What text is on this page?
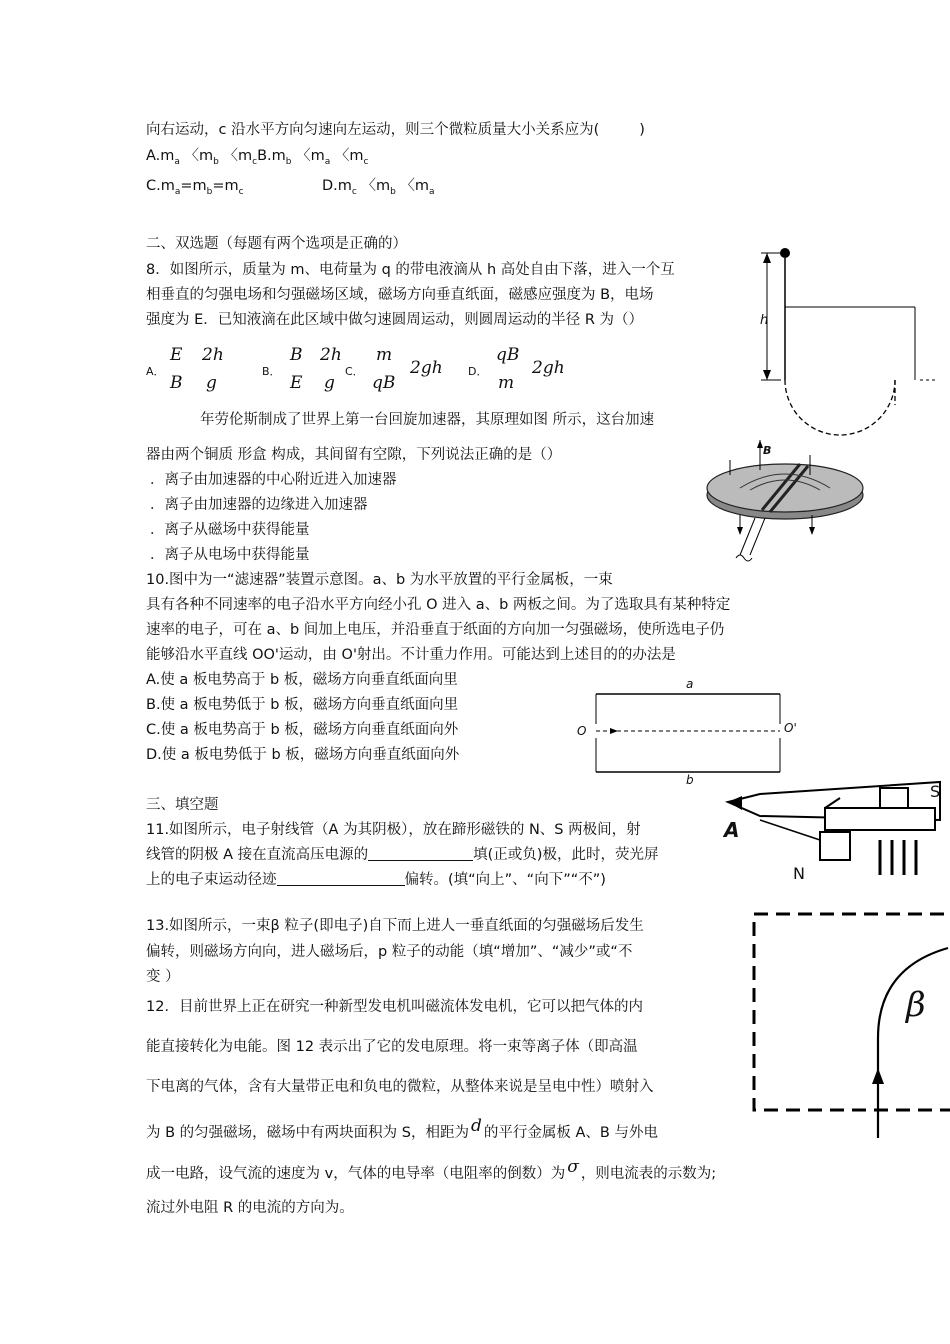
向右运动，c 沿水平方向匀速向左运动，则三个微粒质量大小关系应为(	)
$A.m_a$ 〈$m_b$ 〈$m_cB.m_b$ 〈$m_a$ 〈$m_c$
$C.m_a=m_b=m_c$	$D.m_c$ 〈$m_b$ 〈$m_a$
二、双选题（每题有两个选项是正确的）
8．如图所示，质量为 m、电荷量为 q 的带电液滴从 h 高处自由下落，进入一个互
相垂直的匀强电场和匀强磁场区域，磁场方向垂直纸面，磁感应强度为 B，电场
强度为 E．已知液滴在此区域中做匀速圆周运动，则圆周运动的半径 R 为（）
A．
E
B
2h
g
B．
B
E
2h
g
C．
m
qB
2gh D．
qB
m
2gh
h
年劳伦斯制成了世界上第一台回旋加速器，其原理如图 所示，这台加速
器由两个铜质 形盒 构成，其间留有空隙，下列说法正确的是（）
．离子由加速器的中心附近进入加速器
．离子由加速器的边缘进入加速器
．离子从磁场中获得能量
．离子从电场中获得能量
B
10.图中为一“滤速器”装置示意图。a、b 为水平放置的平行金属板，一束
具有各种不同速率的电子沿水平方向经小孔 O 进入 a、b 两板之间。为了选取具有某种特定
速率的电子，可在 a、b 间加上电压，并沿垂直于纸面的方向加一匀强磁场，使所选电子仍
能够沿水平直线 OO'运动，由 O'射出。不计重力作用。可能达到上述目的的办法是
A.使 a 板电势高于 b 板，磁场方向垂直纸面向里
B.使 a 板电势低于 b 板，磁场方向垂直纸面向里
C.使 a 板电势高于 b 板，磁场方向垂直纸面向外
D.使 a 板电势低于 b 板，磁场方向垂直纸面向外
a
b
O	O'
三、填空题
11.如图所示，电子射线管（A 为其阴极），放在蹄形磁铁的 N、S 两极间，射
线管的阴极 A 接在直流高压电源的	填(正或负)极，此时，荧光屏
上的电子束运动径迹	偏转。(填“向上”、“向下”“不”)
A
S
N
13.如图所示，一束β 粒子(即电子)自下而上进人一垂直纸面的匀强磁场后发生
偏转，则磁场方向向，进人磁场后，p 粒子的动能（填“增加”、“减少”或“不
变 ）
β
12．目前世界上正在研究一种新型发电机叫磁流体发电机，它可以把气体的内
能直接转化为电能。图 12 表示出了它的发电原理。将一束等离子体（即高温
下电离的气体，含有大量带正电和负电的微粒，从整体来说是呈电中性）喷射入
为 B 的匀强磁场，磁场中有两块面积为 S，相距为 d 的平行金属板 A、B 与外电
成一电路，设气流的速度为 v，气体的电导率（电阻率的倒数）为 σ ，则电流表的示数为;
流过外电阻 R 的电流的方向为。
